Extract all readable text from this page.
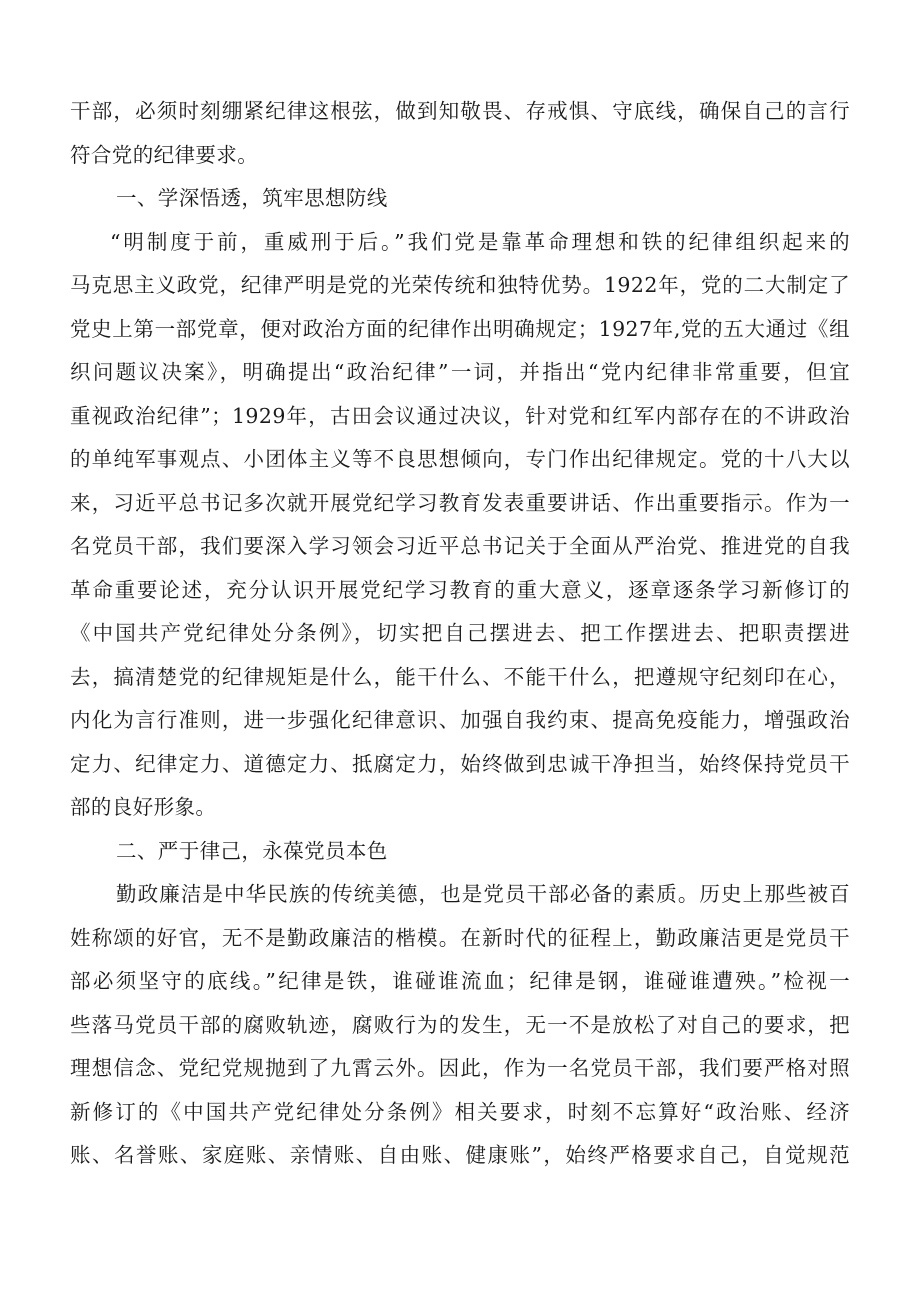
干部，必须时刻绷紧纪律这根弦，做到知敬畏、存戒惧、守底线，确保自己的言行
符合党的纪律要求。
一、学深悟透，筑牢思想防线
“明制度于前，重威刑于后。”我们党是靠革命理想和铁的纪律组织起来的
马克思主义政党，纪律严明是党的光荣传统和独特优势。1922年，党的二大制定了
党史上第一部党章，便对政治方面的纪律作出明确规定；1927年,党的五大通过《组
织问题议决案》，明确提出“政治纪律”一词，并指出“党内纪律非常重要，但宜
重视政治纪律”；1929年，古田会议通过决议，针对党和红军内部存在的不讲政治
的单纯军事观点、小团体主义等不良思想倾向，专门作出纪律规定。党的十八大以
来，习近平总书记多次就开展党纪学习教育发表重要讲话、作出重要指示。作为一
名党员干部，我们要深入学习领会习近平总书记关于全面从严治党、推进党的自我
革命重要论述，充分认识开展党纪学习教育的重大意义，逐章逐条学习新修订的
《中国共产党纪律处分条例》，切实把自己摆进去、把工作摆进去、把职责摆进
去，搞清楚党的纪律规矩是什么，能干什么、不能干什么，把遵规守纪刻印在心，
内化为言行准则，进一步强化纪律意识、加强自我约束、提高免疫能力，增强政治
定力、纪律定力、道德定力、抵腐定力，始终做到忠诚干净担当，始终保持党员干
部的良好形象。
二、严于律己，永葆党员本色
勤政廉洁是中华民族的传统美德，也是党员干部必备的素质。历史上那些被百
姓称颂的好官，无不是勤政廉洁的楷模。在新时代的征程上，勤政廉洁更是党员干
部必须坚守的底线。”纪律是铁，谁碰谁流血；纪律是钢，谁碰谁遭殃。”检视一
些落马党员干部的腐败轨迹，腐败行为的发生，无一不是放松了对自己的要求，把
理想信念、党纪党规抛到了九霄云外。因此，作为一名党员干部，我们要严格对照
新修订的《中国共产党纪律处分条例》相关要求，时刻不忘算好“政治账、经济
账、名誉账、家庭账、亲情账、自由账、健康账”，始终严格要求自己，自觉规范
